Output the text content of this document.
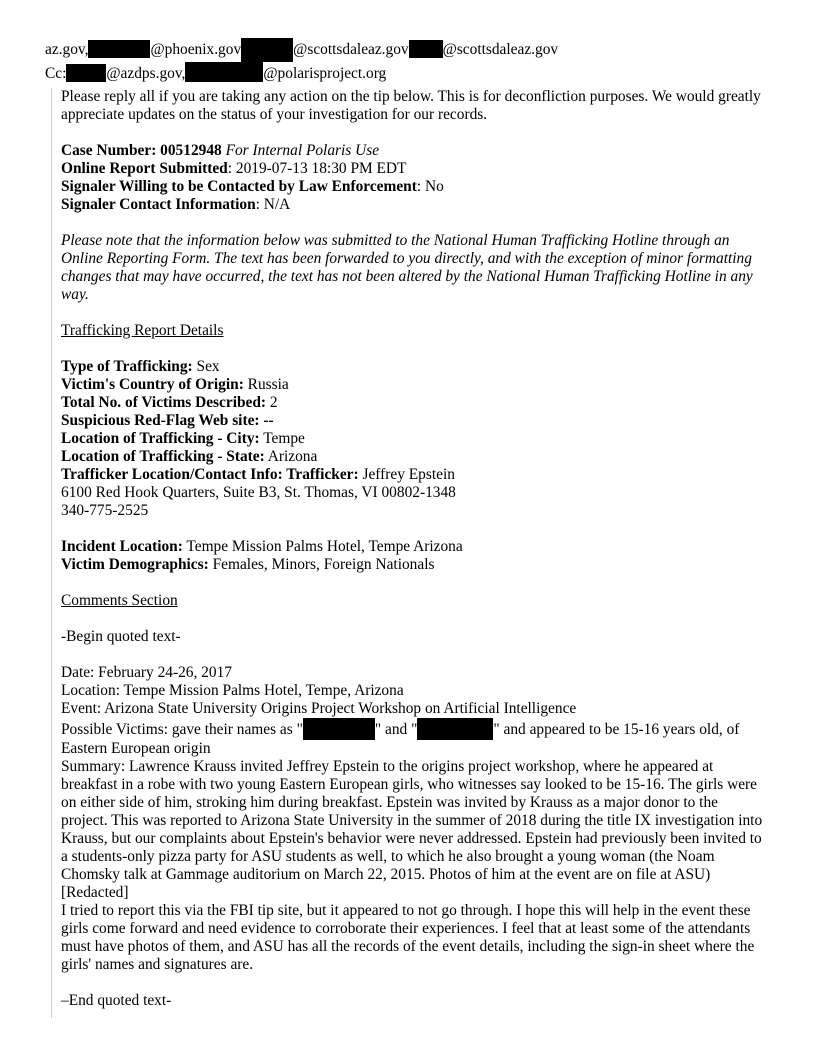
az.gov,	@phoenix.gov	@scottsdaleaz.gov @scottsdaleaz.gov
Cc:	@azdps.gov,	@polarisproject.org

Please reply all if you are taking any action on the tip below. This is for deconfliction purposes. We would greatly appreciate updates on the status of your investigation for our records.

Case Number: 00512948 For Internal Polaris Use
Online Report Submitted: 2019-07-13 18:30 PM EDT
Signaler Willing to be Contacted by Law Enforcement: No
Signaler Contact Information: N/A

Please note that the information below was submitted to the National Human Trafficking Hotline through an Online Reporting Form. The text has been forwarded to you directly, and with the exception of minor formatting changes that may have occurred, the text has not been altered by the National Human Trafficking Hotline in any way.

Trafficking Report Details

Type of Trafficking: Sex
Victim's Country of Origin: Russia
Total No. of Victims Described: 2
Suspicious Red-Flag Web site: --
Location of Trafficking - City: Tempe
Location of Trafficking - State: Arizona
Trafficker Location/Contact Info: Trafficker: Jeffrey Epstein
6100 Red Hook Quarters, Suite B3, St. Thomas, VI 00802-1348
340-775-2525

Incident Location: Tempe Mission Palms Hotel, Tempe Arizona
Victim Demographics: Females, Minors, Foreign Nationals

Comments Section

-Begin quoted text-

Date: February 24-26, 2017
Location: Tempe Mission Palms Hotel, Tempe, Arizona
Event: Arizona State University Origins Project Workshop on Artificial Intelligence
Possible Victims: gave their names as "	" and "	" and appeared to be 15-16 years old, of Eastern European origin
Summary: Lawrence Krauss invited Jeffrey Epstein to the origins project workshop, where he appeared at breakfast in a robe with two young Eastern European girls, who witnesses say looked to be 15-16. The girls were on either side of him, stroking him during breakfast. Epstein was invited by Krauss as a major donor to the project. This was reported to Arizona State University in the summer of 2018 during the title IX investigation into Krauss, but our complaints about Epstein's behavior were never addressed. Epstein had previously been invited to a students-only pizza party for ASU students as well, to which he also brought a young woman (the Noam Chomsky talk at Gammage auditorium on March 22, 2015. Photos of him at the event are on file at ASU)
[Redacted]
I tried to report this via the FBI tip site, but it appeared to not go through. I hope this will help in the event these girls come forward and need evidence to corroborate their experiences. I feel that at least some of the attendants must have photos of them, and ASU has all the records of the event details, including the sign-in sheet where the girls' names and signatures are.

–End quoted text-
